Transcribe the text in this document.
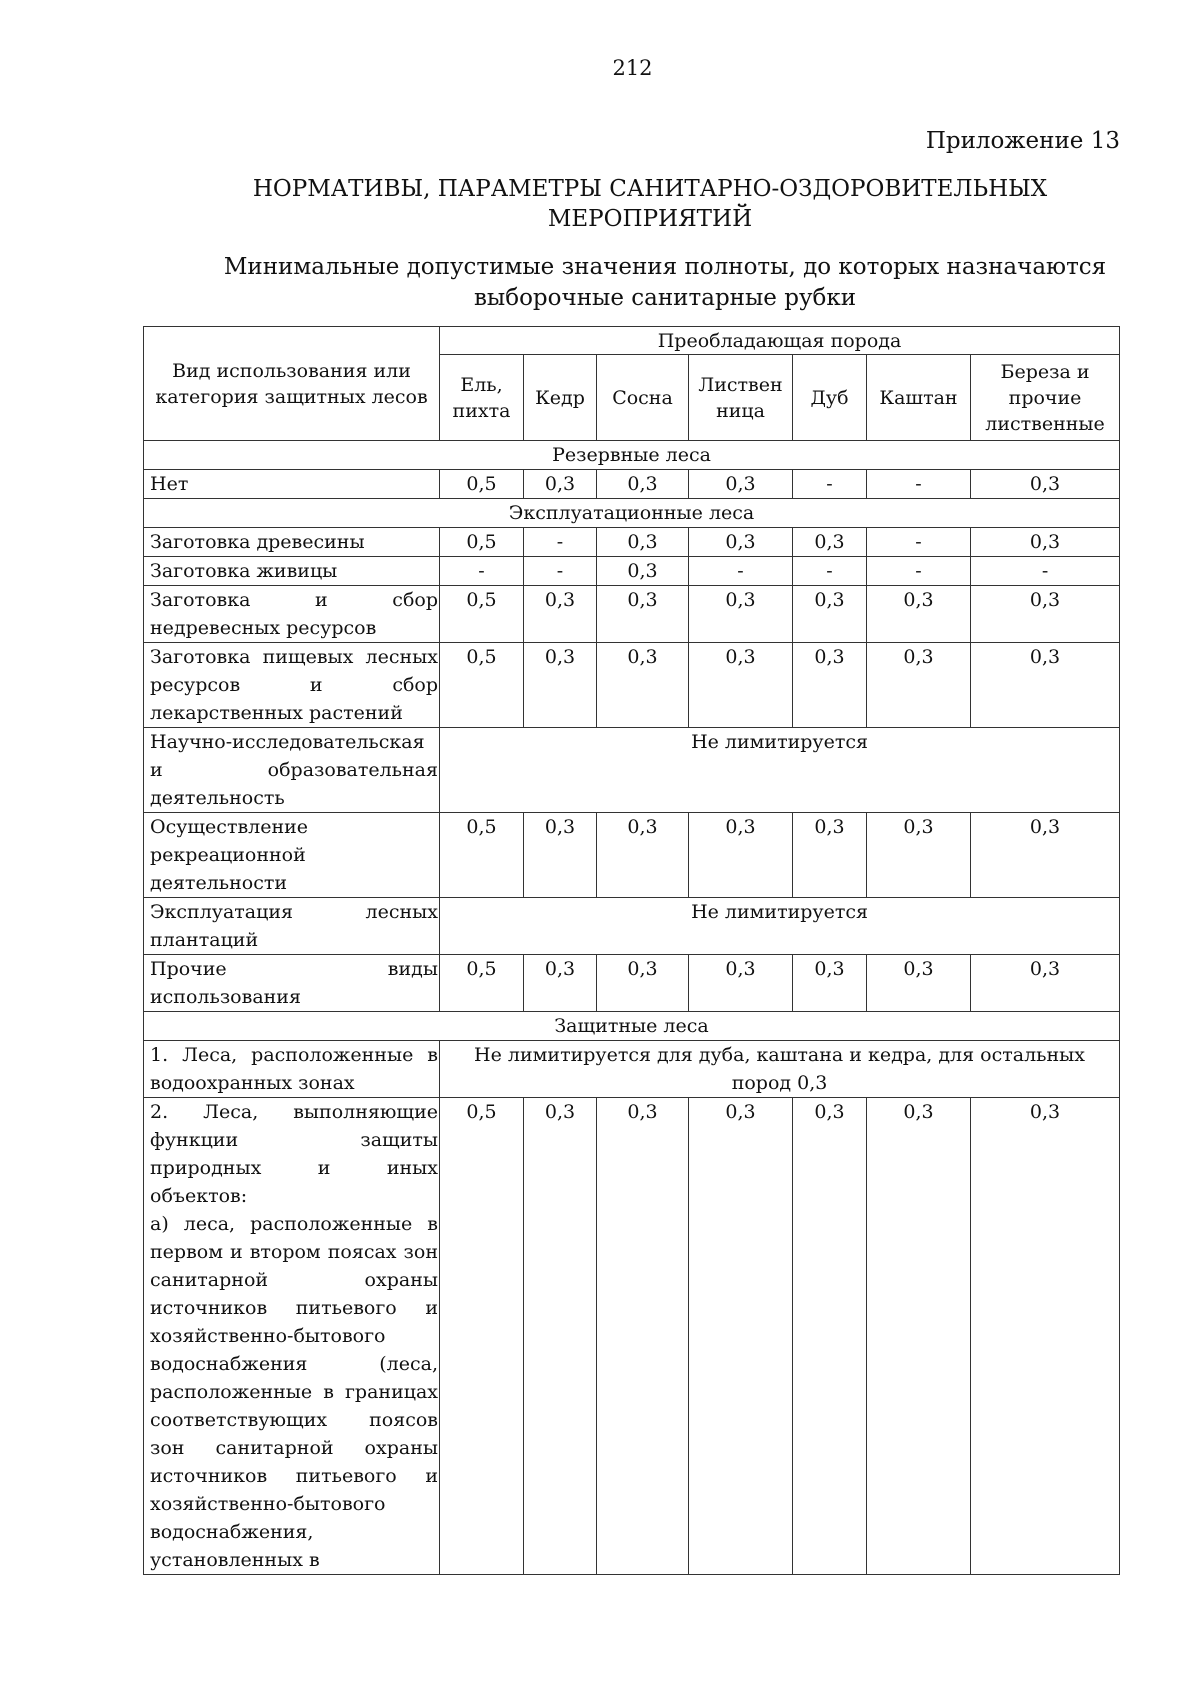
212
Приложение 13
НОРМАТИВЫ, ПАРАМЕТРЫ САНИТАРНО-ОЗДОРОВИТЕЛЬНЫХ МЕРОПРИЯТИЙ
Минимальные допустимые значения полноты, до которых назначаются выборочные санитарные рубки
Вид использования или категория защитных лесов	Преобладающая порода						
	Ель, пихта	Кедр	Сосна	Листвен ница	Дуб	Каштан	Береза и прочие лиственные
Резервные леса							
Нет	0,5	0,3	0,3	0,3	-	-	0,3
Эксплуатационные леса							
Заготовка древесины	0,5	-	0,3	0,3	0,3	-	0,3
Заготовка живицы	-	-	0,3	-	-	-	-
Заготовка и сбор недревесных ресурсов	0,5	0,3	0,3	0,3	0,3	0,3	0,3
Заготовка пищевых лесных ресурсов и сбор лекарственных растений	0,5	0,3	0,3	0,3	0,3	0,3	0,3
Научно-исследовательская и образовательная деятельность	Не лимитируется						
Осуществление рекреационной деятельности	0,5	0,3	0,3	0,3	0,3	0,3	0,3
Эксплуатация лесных плантаций	Не лимитируется						
Прочие виды использования	0,5	0,3	0,3	0,3	0,3	0,3	0,3
Защитные леса							
1. Леса, расположенные в водоохранных зонах	Не лимитируется для дуба, каштана и кедра, для остальных пород 0,3						

2. Леса, выполняющие функции защиты природных и иных объектов:
а) леса, расположенные в первом и втором поясах зон санитарной охраны источников питьевого и хозяйственно-бытового водоснабжения (леса, расположенные в границах соответствующих поясов зон санитарной охраны источников питьевого и хозяйственно-бытового водоснабжения, установленных в	0,5	0,3	0,3	0,3	0,3	0,3	0,3
